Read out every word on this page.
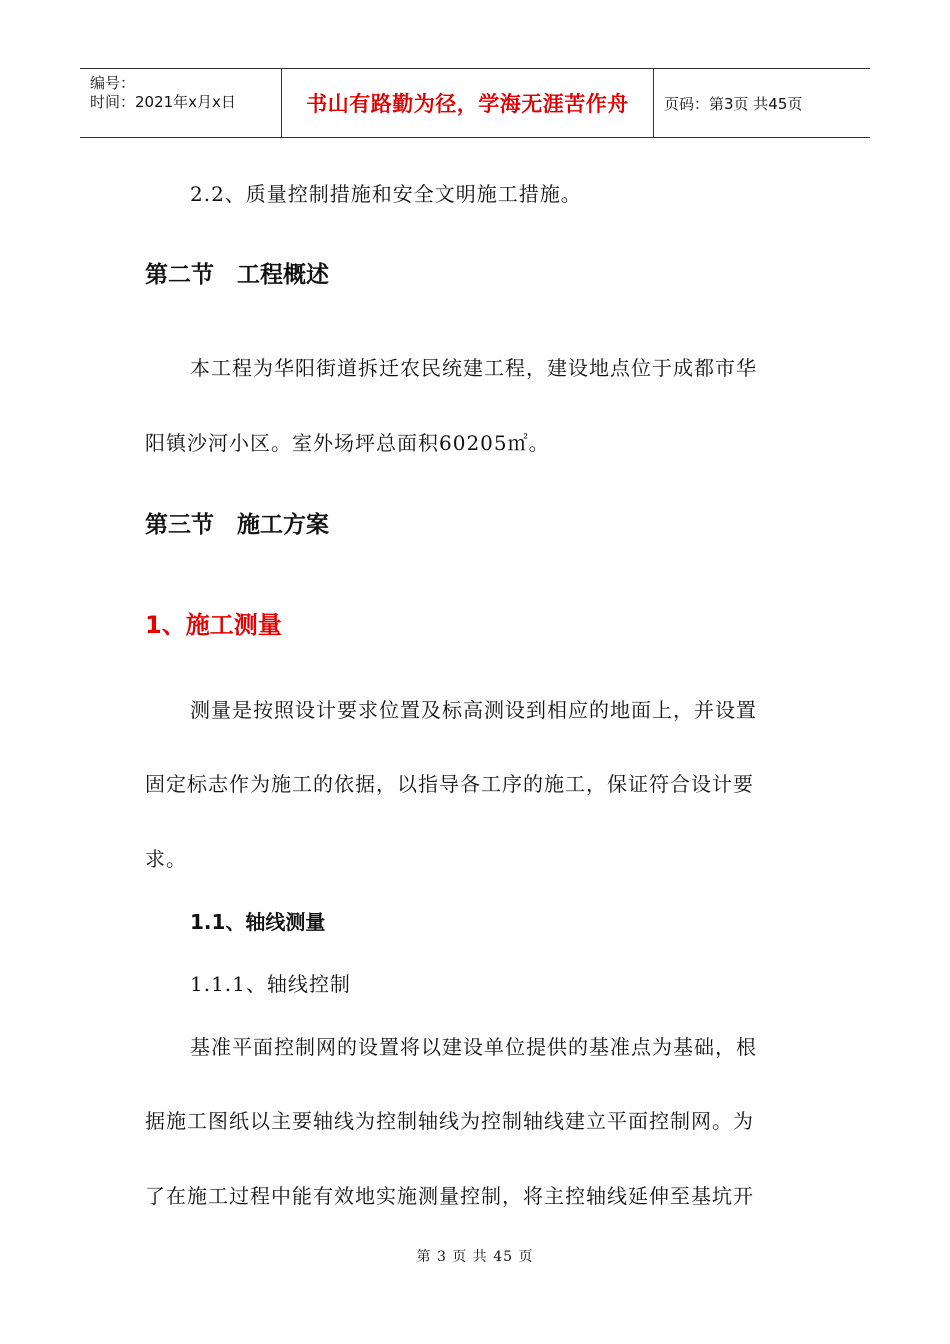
编号：
时间：2021年x月x日	书山有路勤为径，学海无涯苦作舟	页码：第3页 共45页

2.2、质量控制措施和安全文明施工措施。

第二节　工程概述

本工程为华阳街道拆迁农民统建工程，建设地点位于成都市华

阳镇沙河小区。室外场坪总面积60205㎡。

第三节　施工方案
1、施工测量

测量是按照设计要求位置及标高测设到相应的地面上，并设置

固定标志作为施工的依据，以指导各工序的施工，保证符合设计要

求。

1.1、轴线测量

1.1.1、轴线控制

基准平面控制网的设置将以建设单位提供的基准点为基础，根

据施工图纸以主要轴线为控制轴线为控制轴线建立平面控制网。为

了在施工过程中能有效地实施测量控制，将主控轴线延伸至基坑开

第 3 页 共 45 页
